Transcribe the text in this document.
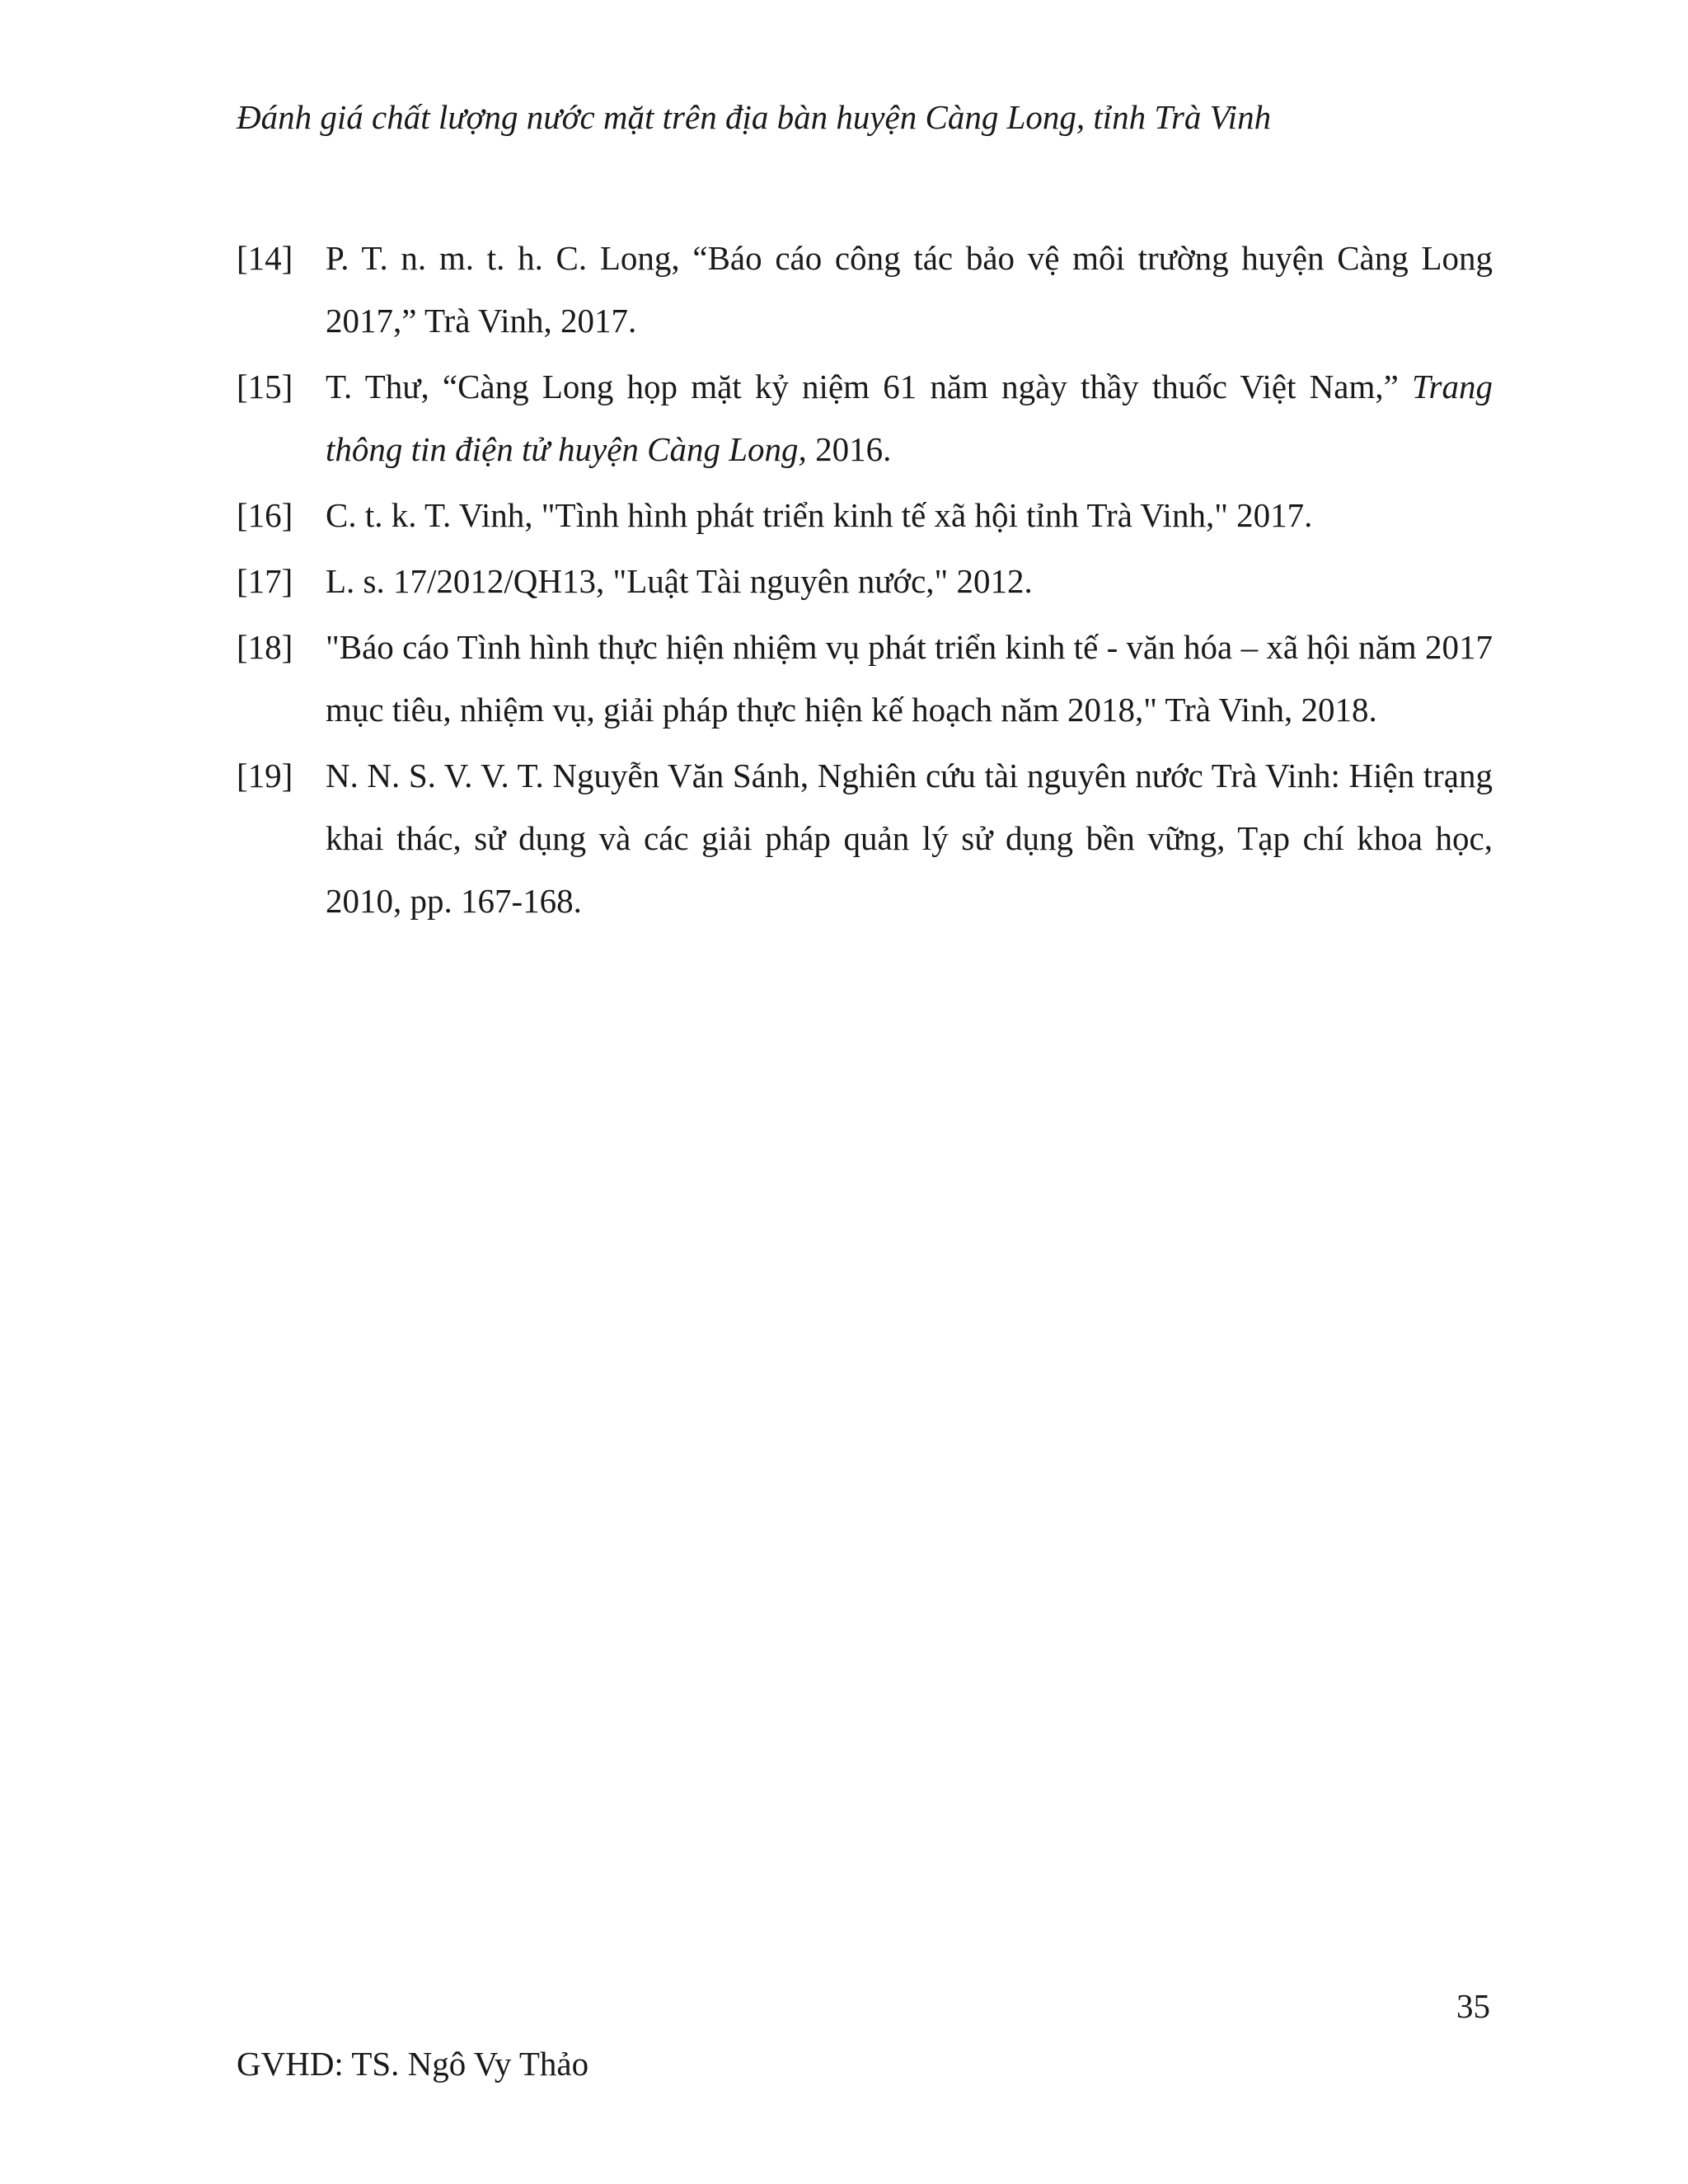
Đánh giá chất lượng nước mặt trên địa bàn huyện Càng Long, tỉnh Trà Vinh
[14] P. T. n. m. t. h. C. Long, “Báo cáo công tác bảo vệ môi trường huyện Càng Long 2017,” Trà Vinh, 2017.
[15] T. Thư, “Càng Long họp mặt kỷ niệm 61 năm ngày thầy thuốc Việt Nam,” Trang thông tin điện tử huyện Càng Long, 2016.
[16] C. t. k. T. Vinh, "Tình hình phát triển kinh tế xã hội tỉnh Trà Vinh," 2017.
[17] L. s. 17/2012/QH13, "Luật Tài nguyên nước," 2012.
[18] "Báo cáo Tình hình thực hiện nhiệm vụ phát triển kinh tế - văn hóa – xã hội năm 2017 mục tiêu, nhiệm vụ, giải pháp thực hiện kế hoạch năm 2018," Trà Vinh, 2018.
[19] N. N. S. V. V. T. Nguyễn Văn Sánh, Nghiên cứu tài nguyên nước Trà Vinh: Hiện trạng khai thác, sử dụng và các giải pháp quản lý sử dụng bền vững, Tạp chí khoa học, 2010, pp. 167-168.
35
GVHD: TS. Ngô Vy Thảo
